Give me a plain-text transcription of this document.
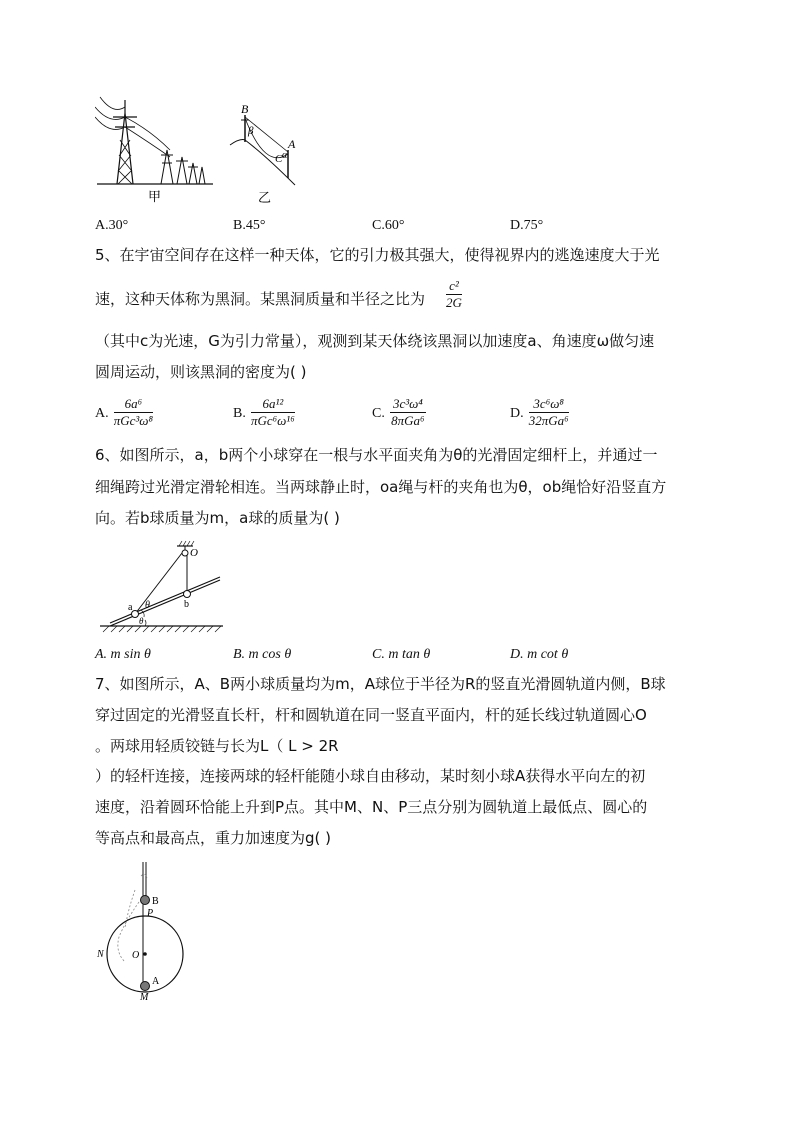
甲
B
β
A
C α
乙
A.30°	B.45°	C.60°	D.75°
5、在宇宙空间存在这样一种天体，它的引力极其强大，使得视界内的逃逸速度大于光
速，这种天体称为黑洞。某黑洞质量和半径之比为 $\frac{\text{c²}}{2G}$
（其中c为光速，G为引力常量），观测到某天体绕该黑洞以加速度a、角速度ω做匀速
圆周运动，则该黑洞的密度为( )
A. $\frac{\text{6a⁶}}{\text{πGc³ω⁸}}$	B. $\frac{\text{6a¹²}}{\text{πGc⁶ω¹⁶}}$	C. $\frac{\text{3c³ω⁴}}{\text{8πGa⁶}}$	D. $\frac{\text{3c⁶ω⁸}}{\text{32πGa⁶}}$
6、如图所示，a，b两个小球穿在一根与水平面夹角为θ的光滑固定细杆上，并通过一
细绳跨过光滑定滑轮相连。当两球静止时，oa绳与杆的夹角也为θ，ob绳恰好沿竖直方
向。若b球质量为m，a球的质量为( )
O
a	b
θ
θ
A. m sin θ	B. m cos θ	C. m tan θ	D. m cot θ
7、如图所示，A、B两小球质量均为m，A球位于半径为R的竖直光滑圆轨道内侧，B球
穿过固定的光滑竖直长杆，杆和圆轨道在同一竖直平面内，杆的延长线过轨道圆心O
。两球用轻质铰链与长为L（ L > 2R
）的轻杆连接，连接两球的轻杆能随小球自由移动，某时刻小球A获得水平向左的初
速度，沿着圆环恰能上升到P点。其中M、N、P三点分别为圆轨道上最低点、圆心的
等高点和最高点，重力加速度为g( )
B
P
N	O
A
M
